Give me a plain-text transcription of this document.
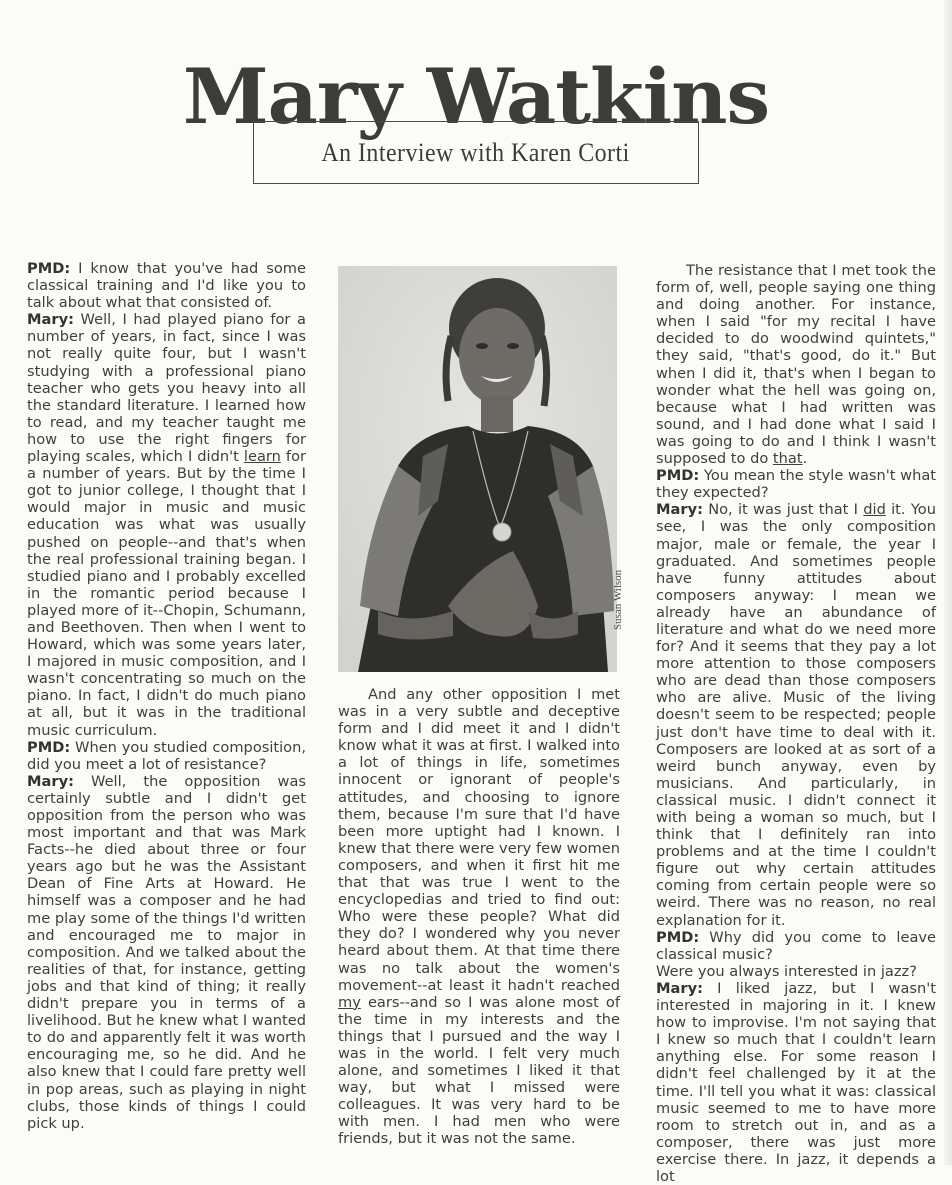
Mary Watkins
An Interview with Karen Corti

PMD: I know that you've had some classical training and I'd like you to talk about what that consisted of.

Mary: Well, I had played piano for a number of years, in fact, since I was not really quite four, but I wasn't studying with a professional piano teacher who gets you heavy into all the standard literature. I learned how to read, and my teacher taught me how to use the right fingers for playing scales, which I didn't learn for a number of years. But by the time I got to junior college, I thought that I would major in music and music education was what was usually pushed on people--and that's when the real professional training began. I studied piano and I probably excelled in the romantic period because I played more of it--Chopin, Schumann, and Beethoven. Then when I went to Howard, which was some years later, I majored in music composition, and I wasn't concentrating so much on the piano. In fact, I didn't do much piano at all, but it was in the traditional music curriculum.

PMD: When you studied composition, did you meet a lot of resistance?

Mary: Well, the opposition was certainly subtle and I didn't get opposition from the person who was most important and that was Mark Facts--he died about three or four years ago but he was the Assistant Dean of Fine Arts at Howard. He himself was a composer and he had me play some of the things I'd written and encouraged me to major in composition. And we talked about the realities of that, for instance, getting jobs and that kind of thing; it really didn't prepare you in terms of a livelihood. But he knew what I wanted to do and apparently felt it was worth encouraging me, so he did. And he also knew that I could fare pretty well in pop areas, such as playing in night clubs, those kinds of things I could pick up.

Susan Wilson

And any other opposition I met was in a very subtle and deceptive form and I did meet it and I didn't know what it was at first. I walked into a lot of things in life, sometimes innocent or ignorant of people's attitudes, and choosing to ignore them, because I'm sure that I'd have been more uptight had I known. I knew that there were very few women composers, and when it first hit me that that was true I went to the encyclopedias and tried to find out: Who were these people? What did they do? I wondered why you never heard about them. At that time there was no talk about the women's movement--at least it hadn't reached my ears--and so I was alone most of the time in my interests and the things that I pursued and the way I was in the world. I felt very much alone, and sometimes I liked it that way, but what I missed were colleagues. It was very hard to be with men. I had men who were friends, but it was not the same.

The resistance that I met took the form of, well, people saying one thing and doing another. For instance, when I said "for my recital I have decided to do woodwind quintets," they said, "that's good, do it." But when I did it, that's when I began to wonder what the hell was going on, because what I had written was sound, and I had done what I said I was going to do and I think I wasn't supposed to do that.

PMD: You mean the style wasn't what they expected?

Mary: No, it was just that I did it. You see, I was the only composition major, male or female, the year I graduated. And sometimes people have funny attitudes about composers anyway: I mean we already have an abundance of literature and what do we need more for? And it seems that they pay a lot more attention to those composers who are dead than those composers who are alive. Music of the living doesn't seem to be respected; people just don't have time to deal with it. Composers are looked at as sort of a weird bunch anyway, even by musicians. And particularly, in classical music. I didn't connect it with being a woman so much, but I think that I definitely ran into problems and at the time I couldn't figure out why certain attitudes coming from certain people were so weird. There was no reason, no real explanation for it.

PMD: Why did you come to leave classical music?

Were you always interested in jazz?

Mary: I liked jazz, but I wasn't interested in majoring in it. I knew how to improvise. I'm not saying that I knew so much that I couldn't learn anything else. For some reason I didn't feel challenged by it at the time. I'll tell you what it was: classical music seemed to me to have more room to stretch out in, and as a composer, there was just more exercise there. In jazz, it depends a lot
